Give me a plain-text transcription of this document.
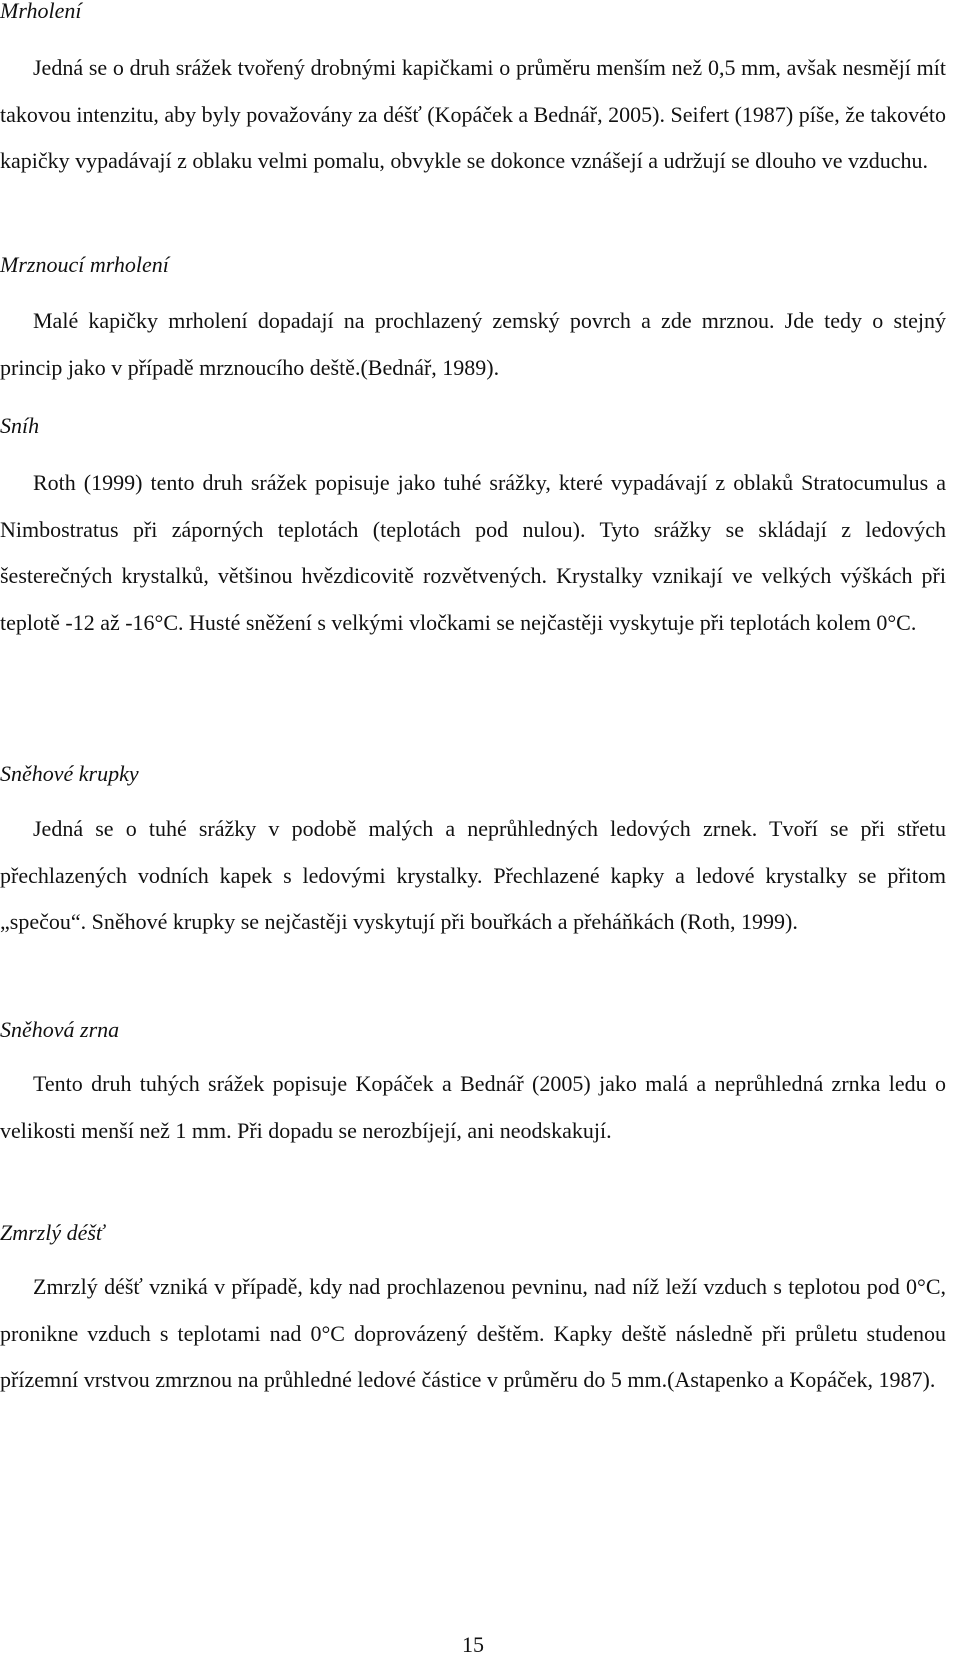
Mrholení

Jedná se o druh srážek tvořený drobnými kapičkami o průměru menším než 0,5 mm, avšak nesmějí mít takovou intenzitu, aby byly považovány za déšť (Kopáček a Bednář, 2005). Seifert (1987) píše, že takovéto kapičky vypadávají z oblaku velmi pomalu, obvykle se dokonce vznášejí a udržují se dlouho ve vzduchu.

Mrznoucí mrholení

Malé kapičky mrholení dopadají na prochlazený zemský povrch a zde mrznou. Jde tedy o stejný princip jako v případě mrznoucího deště.(Bednář, 1989).

Sníh

Roth (1999) tento druh srážek popisuje jako tuhé srážky, které vypadávají z oblaků Stratocumulus a Nimbostratus při záporných teplotách (teplotách pod nulou). Tyto srážky se skládají z ledových šesterečných krystalků, většinou hvězdicovitě rozvětvených. Krystalky vznikají ve velkých výškách při teplotě -12 až -16°C. Husté sněžení s velkými vločkami se nejčastěji vyskytuje při teplotách kolem 0°C.

Sněhové krupky

Jedná se o tuhé srážky v podobě malých a neprůhledných ledových zrnek. Tvoří se při střetu přechlazených vodních kapek s ledovými krystalky. Přechlazené kapky a ledové krystalky se přitom „spečou“. Sněhové krupky se nejčastěji vyskytují při bouřkách a přeháňkách (Roth, 1999).

Sněhová zrna

Tento druh tuhých srážek popisuje Kopáček a Bednář (2005) jako malá a neprůhledná zrnka ledu o velikosti menší než 1 mm. Při dopadu se nerozbíjejí, ani neodskakují.

Zmrzlý déšť

Zmrzlý déšť vzniká v případě, kdy nad prochlazenou pevninu, nad níž leží vzduch s teplotou pod 0°C, pronikne vzduch s teplotami nad 0°C doprovázený deštěm. Kapky deště následně při průletu studenou přízemní vrstvou zmrznou na průhledné ledové částice v průměru do 5 mm.(Astapenko a Kopáček, 1987).

15
